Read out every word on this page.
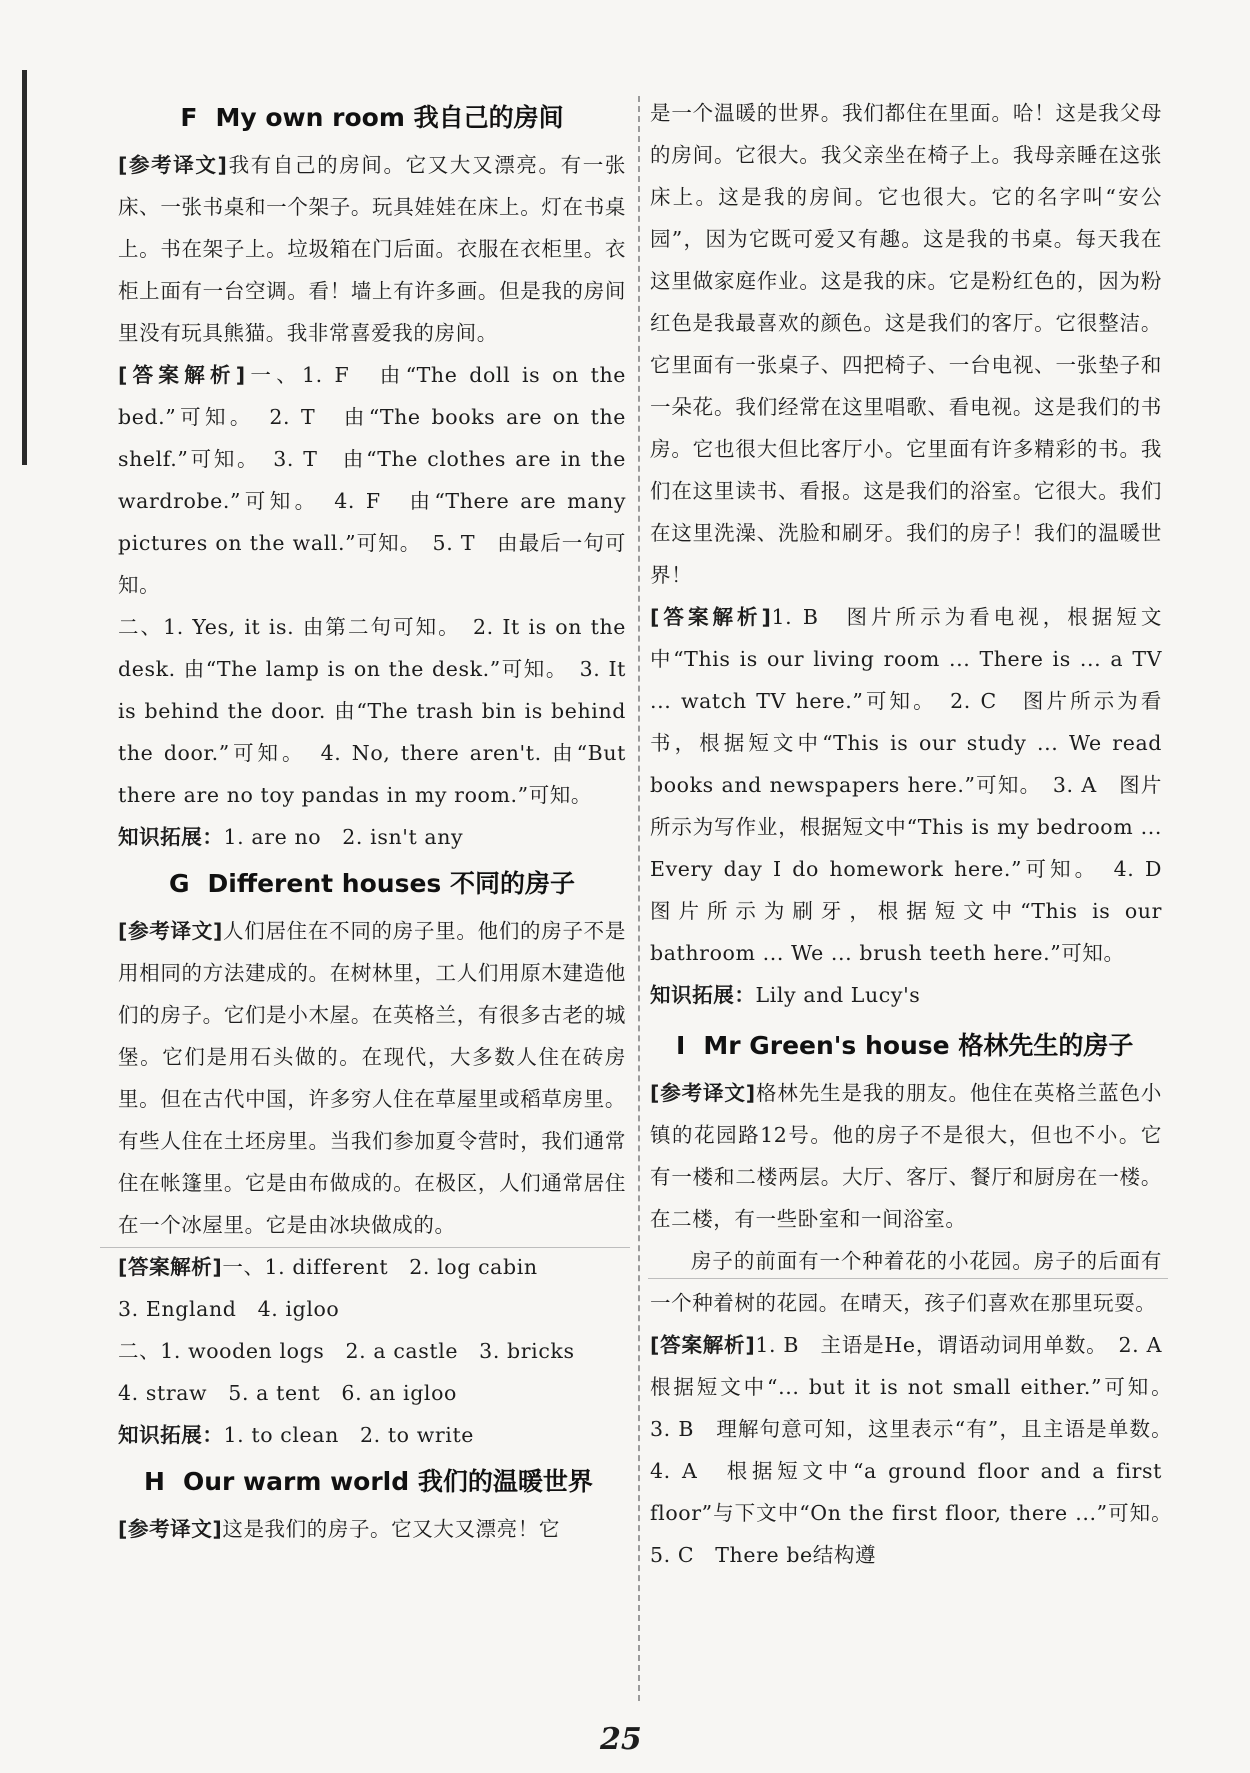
F My own room 我自己的房间

[参考译文]我有自己的房间。它又大又漂亮。有一张床、一张书桌和一个架子。玩具娃娃在床上。灯在书桌上。书在架子上。垃圾箱在门后面。衣服在衣柜里。衣柜上面有一台空调。看！墙上有许多画。但是我的房间里没有玩具熊猫。我非常喜爱我的房间。

[答案解析]一、1. F　由“The doll is on the bed.”可知。　2. T　由“The books are on the shelf.”可知。　3. T　由“The clothes are in the wardrobe.”可知。　4. F　由“There are many pictures on the wall.”可知。　5. T　由最后一句可知。

二、1. Yes, it is. 由第二句可知。　2. It is on the desk. 由“The lamp is on the desk.”可知。　3. It is behind the door. 由“The trash bin is behind the door.”可知。　4. No, there aren't. 由“But there are no toy pandas in my room.”可知。

知识拓展：1. are no　2. isn't any

G Different houses 不同的房子

[参考译文]人们居住在不同的房子里。他们的房子不是用相同的方法建成的。在树林里，工人们用原木建造他们的房子。它们是小木屋。在英格兰，有很多古老的城堡。它们是用石头做的。在现代，大多数人住在砖房里。但在古代中国，许多穷人住在草屋里或稻草房里。有些人住在土坯房里。当我们参加夏令营时，我们通常住在帐篷里。它是由布做成的。在极区，人们通常居住在一个冰屋里。它是由冰块做成的。

[答案解析]一、1. different　2. log cabin

3. England　4. igloo

二、1. wooden logs　2. a castle　3. bricks

4. straw　5. a tent　6. an igloo

知识拓展：1. to clean　2. to write

H Our warm world 我们的温暖世界

[参考译文]这是我们的房子。它又大又漂亮！它

是一个温暖的世界。我们都住在里面。哈！这是我父母的房间。它很大。我父亲坐在椅子上。我母亲睡在这张床上。这是我的房间。它也很大。它的名字叫“安公园”，因为它既可爱又有趣。这是我的书桌。每天我在这里做家庭作业。这是我的床。它是粉红色的，因为粉红色是我最喜欢的颜色。这是我们的客厅。它很整洁。它里面有一张桌子、四把椅子、一台电视、一张垫子和一朵花。我们经常在这里唱歌、看电视。这是我们的书房。它也很大但比客厅小。它里面有许多精彩的书。我们在这里读书、看报。这是我们的浴室。它很大。我们在这里洗澡、洗脸和刷牙。我们的房子！我们的温暖世界！

[答案解析]1. B　图片所示为看电视，根据短文中“This is our living room ... There is ... a TV ... watch TV here.”可知。　2. C　图片所示为看书，根据短文中“This is our study ... We read books and newspapers here.”可知。　3. A　图片所示为写作业，根据短文中“This is my bedroom ... Every day I do homework here.”可知。　4. D　图片所示为刷牙，根据短文中“This is our bathroom ... We ... brush teeth here.”可知。

知识拓展：Lily and Lucy's

I Mr Green's house 格林先生的房子

[参考译文]格林先生是我的朋友。他住在英格兰蓝色小镇的花园路12号。他的房子不是很大，但也不小。它有一楼和二楼两层。大厅、客厅、餐厅和厨房在一楼。在二楼，有一些卧室和一间浴室。

房子的前面有一个种着花的小花园。房子的后面有一个种着树的花园。在晴天，孩子们喜欢在那里玩耍。

[答案解析]1. B　主语是He，谓语动词用单数。　2. A　根据短文中“... but it is not small either.”可知。　3. B　理解句意可知，这里表示“有”，且主语是单数。　4. A　根据短文中“a ground floor and a first floor”与下文中“On the first floor, there ...”可知。　5. C　There be结构遵

25
